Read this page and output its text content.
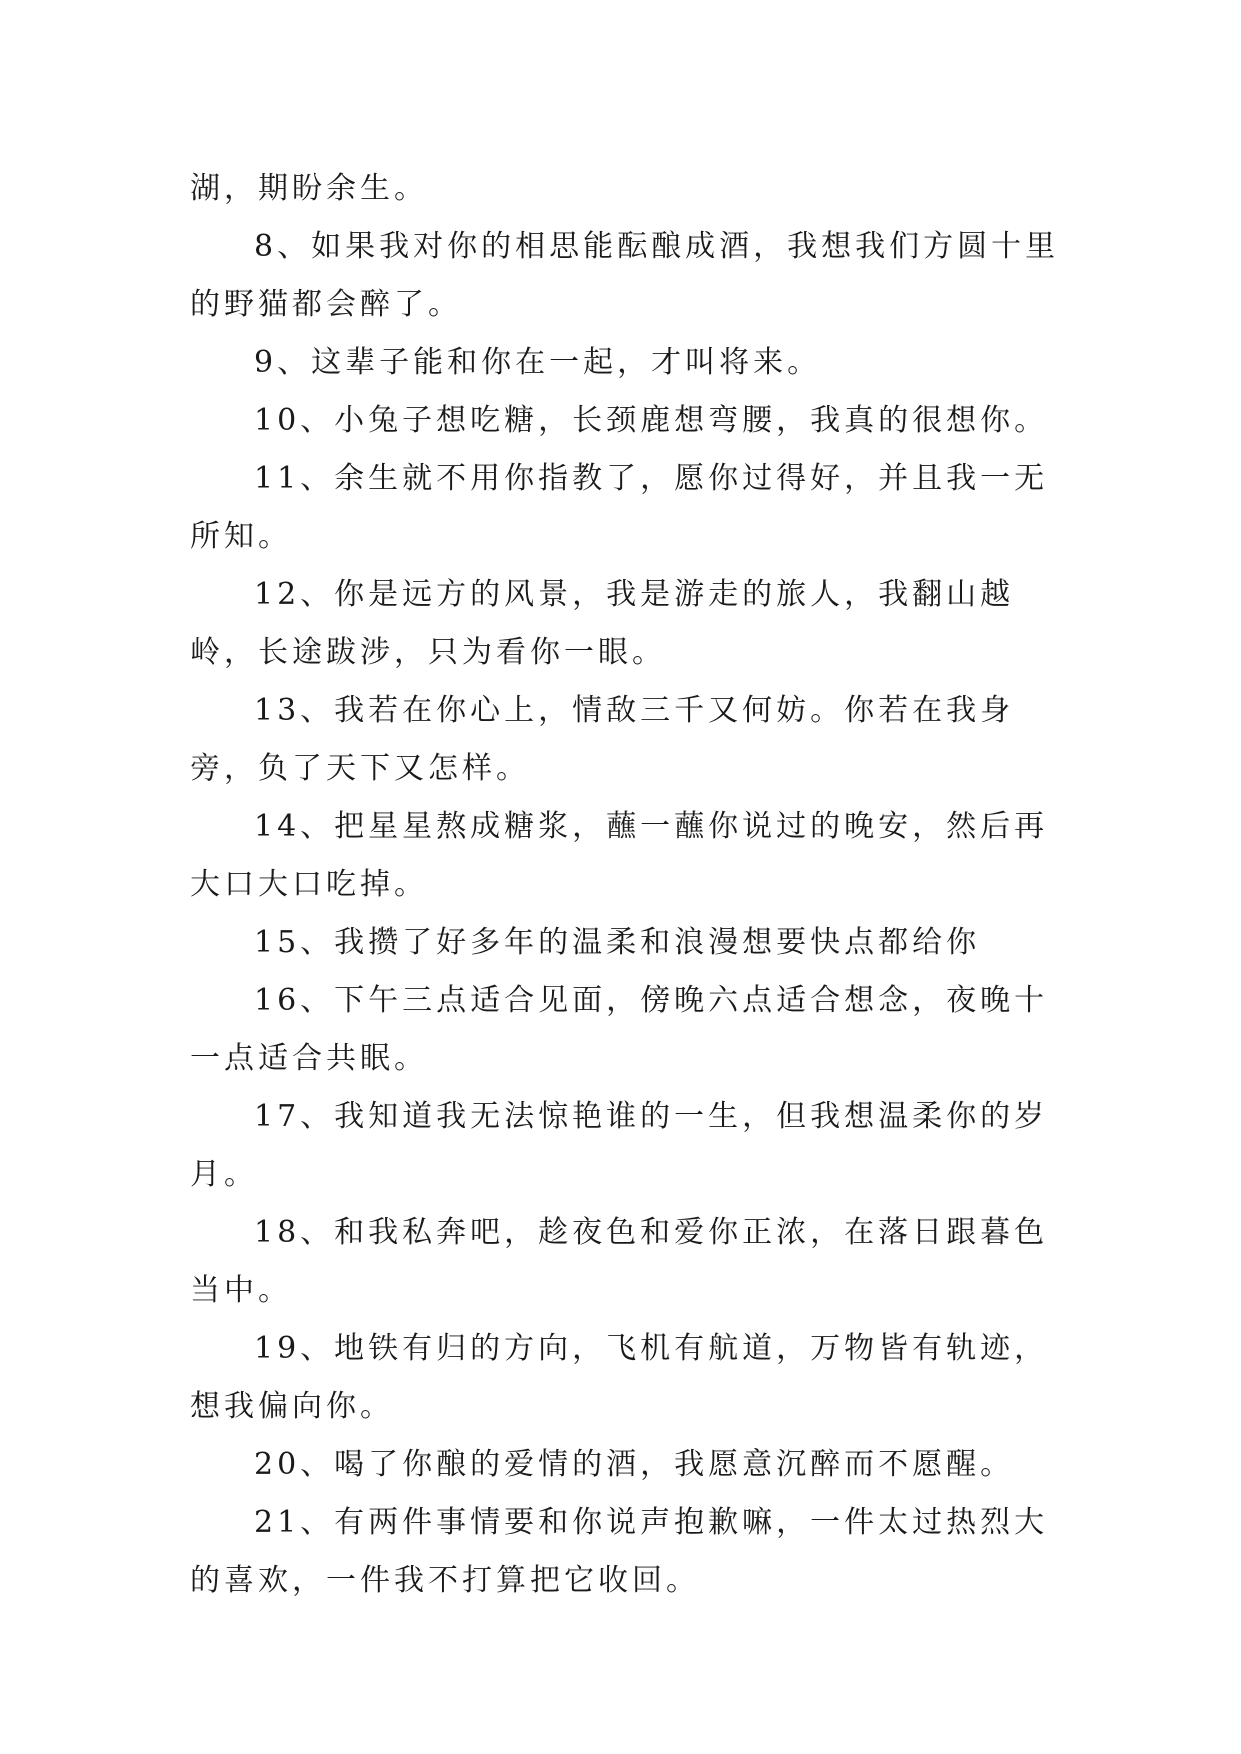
湖，期盼余生。

8、如果我对你的相思能酝酿成酒，我想我们方圆十里的野猫都会醉了。

9、这辈子能和你在一起，才叫将来。

10、小兔子想吃糖，长颈鹿想弯腰，我真的很想你。

11、余生就不用你指教了，愿你过得好，并且我一无所知。

12、你是远方的风景，我是游走的旅人，我翻山越岭，长途跋涉，只为看你一眼。

13、我若在你心上，情敌三千又何妨。你若在我身旁，负了天下又怎样。

14、把星星熬成糖浆，蘸一蘸你说过的晚安，然后再大口大口吃掉。

15、我攒了好多年的温柔和浪漫想要快点都给你

16、下午三点适合见面，傍晚六点适合想念，夜晚十一点适合共眠。

17、我知道我无法惊艳谁的一生，但我想温柔你的岁月。

18、和我私奔吧，趁夜色和爱你正浓，在落日跟暮色当中。

19、地铁有归的方向，飞机有航道，万物皆有轨迹，想我偏向你。

20、喝了你酿的爱情的酒，我愿意沉醉而不愿醒。

21、有两件事情要和你说声抱歉嘛，一件太过热烈大的喜欢，一件我不打算把它收回。
